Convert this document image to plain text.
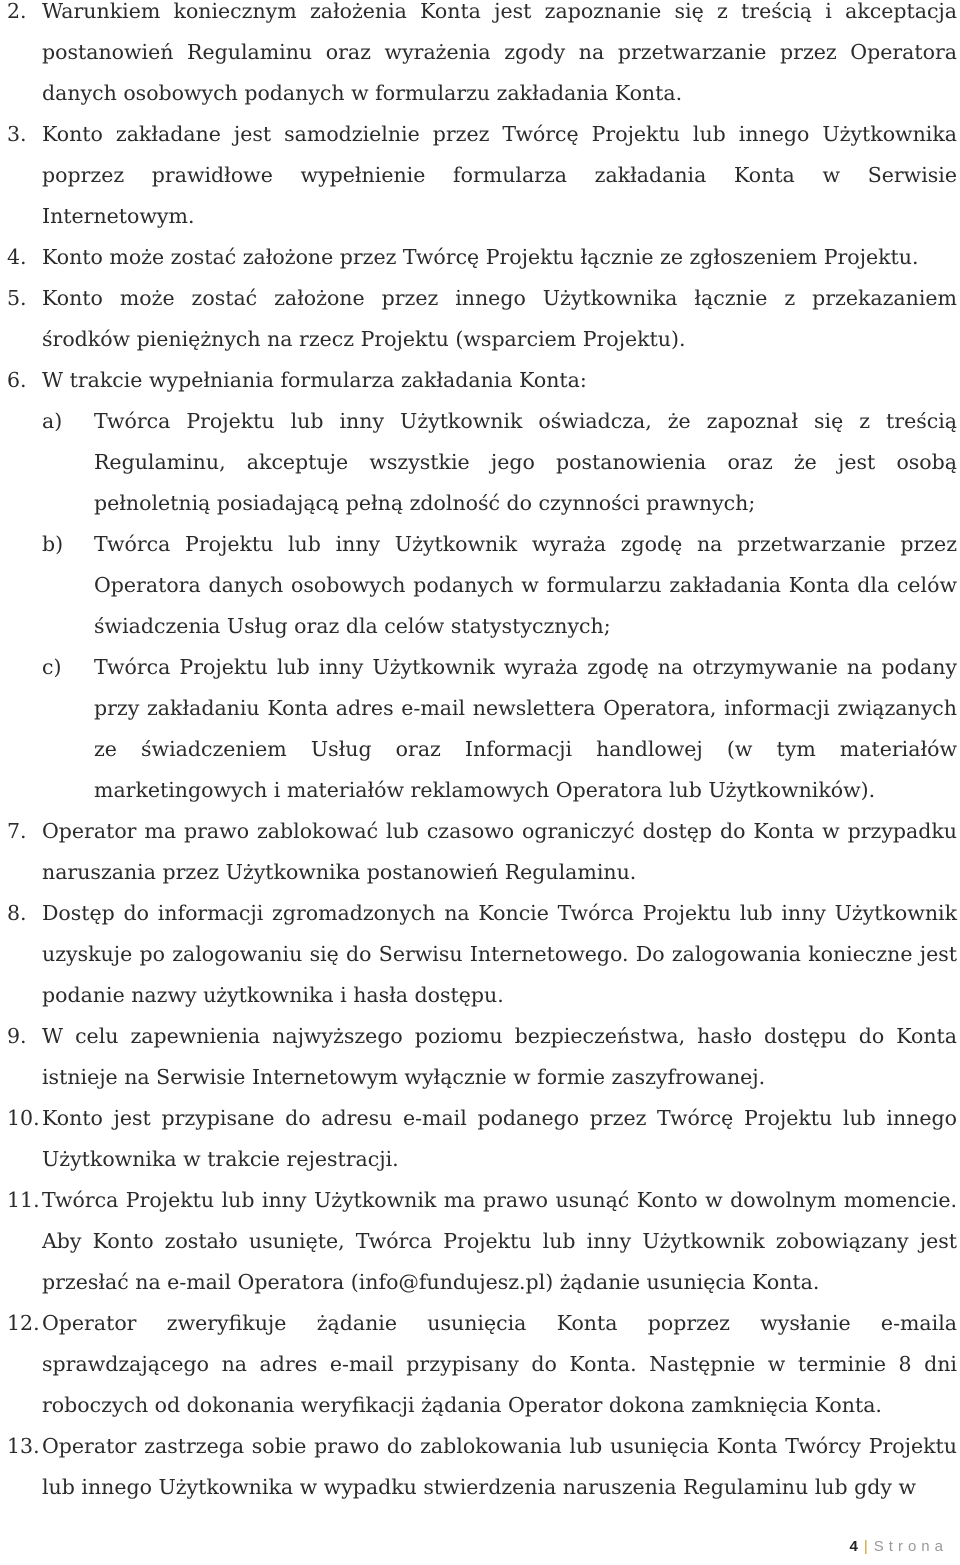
2. Warunkiem koniecznym założenia Konta jest zapoznanie się z treścią i akceptacja postanowień Regulaminu oraz wyrażenia zgody na przetwarzanie przez Operatora danych osobowych podanych w formularzu zakładania Konta.
3. Konto zakładane jest samodzielnie przez Twórcę Projektu lub innego Użytkownika poprzez prawidłowe wypełnienie formularza zakładania Konta w Serwisie Internetowym.
4. Konto może zostać założone przez Twórcę Projektu łącznie ze zgłoszeniem Projektu.
5. Konto może zostać założone przez innego Użytkownika łącznie z przekazaniem środków pieniężnych na rzecz Projektu (wsparciem Projektu).
6. W trakcie wypełniania formularza zakładania Konta:
a)	Twórca Projektu lub inny Użytkownik oświadcza, że zapoznał się z treścią Regulaminu, akceptuje wszystkie jego postanowienia oraz że jest osobą pełnoletnią posiadającą pełną zdolność do czynności prawnych;
b)	Twórca Projektu lub inny Użytkownik wyraża zgodę na przetwarzanie przez Operatora danych osobowych podanych w formularzu zakładania Konta dla celów świadczenia Usług oraz dla celów statystycznych;
c)	Twórca Projektu lub inny Użytkownik wyraża zgodę na otrzymywanie na podany przy zakładaniu Konta adres e-mail newslettera Operatora, informacji związanych ze świadczeniem Usług oraz Informacji handlowej (w tym materiałów marketingowych i materiałów reklamowych Operatora lub Użytkowników).
7. Operator ma prawo zablokować lub czasowo ograniczyć dostęp do Konta w przypadku naruszania przez Użytkownika postanowień Regulaminu.
8. Dostęp do informacji zgromadzonych na Koncie Twórca Projektu lub inny Użytkownik uzyskuje po zalogowaniu się do Serwisu Internetowego. Do zalogowania konieczne jest podanie nazwy użytkownika i hasła dostępu.
9. W celu zapewnienia najwyższego poziomu bezpieczeństwa, hasło dostępu do Konta istnieje na Serwisie Internetowym wyłącznie w formie zaszyfrowanej.
10. Konto jest przypisane do adresu e-mail podanego przez Twórcę Projektu lub innego Użytkownika w trakcie rejestracji.
11. Twórca Projektu lub inny Użytkownik ma prawo usunąć Konto w dowolnym momencie. Aby Konto zostało usunięte, Twórca Projektu lub inny Użytkownik zobowiązany jest przesłać na e-mail Operatora (info@fundujesz.pl) żądanie usunięcia Konta.
12. Operator zweryfikuje żądanie usunięcia Konta poprzez wysłanie e-maila sprawdzającego na adres e-mail przypisany do Konta. Następnie w terminie 8 dni roboczych od dokonania weryfikacji żądania Operator dokona zamknięcia Konta.
13. Operator zastrzega sobie prawo do zablokowania lub usunięcia Konta Twórcy Projektu lub innego Użytkownika w wypadku stwierdzenia naruszenia Regulaminu lub gdy w
4 | Strona
